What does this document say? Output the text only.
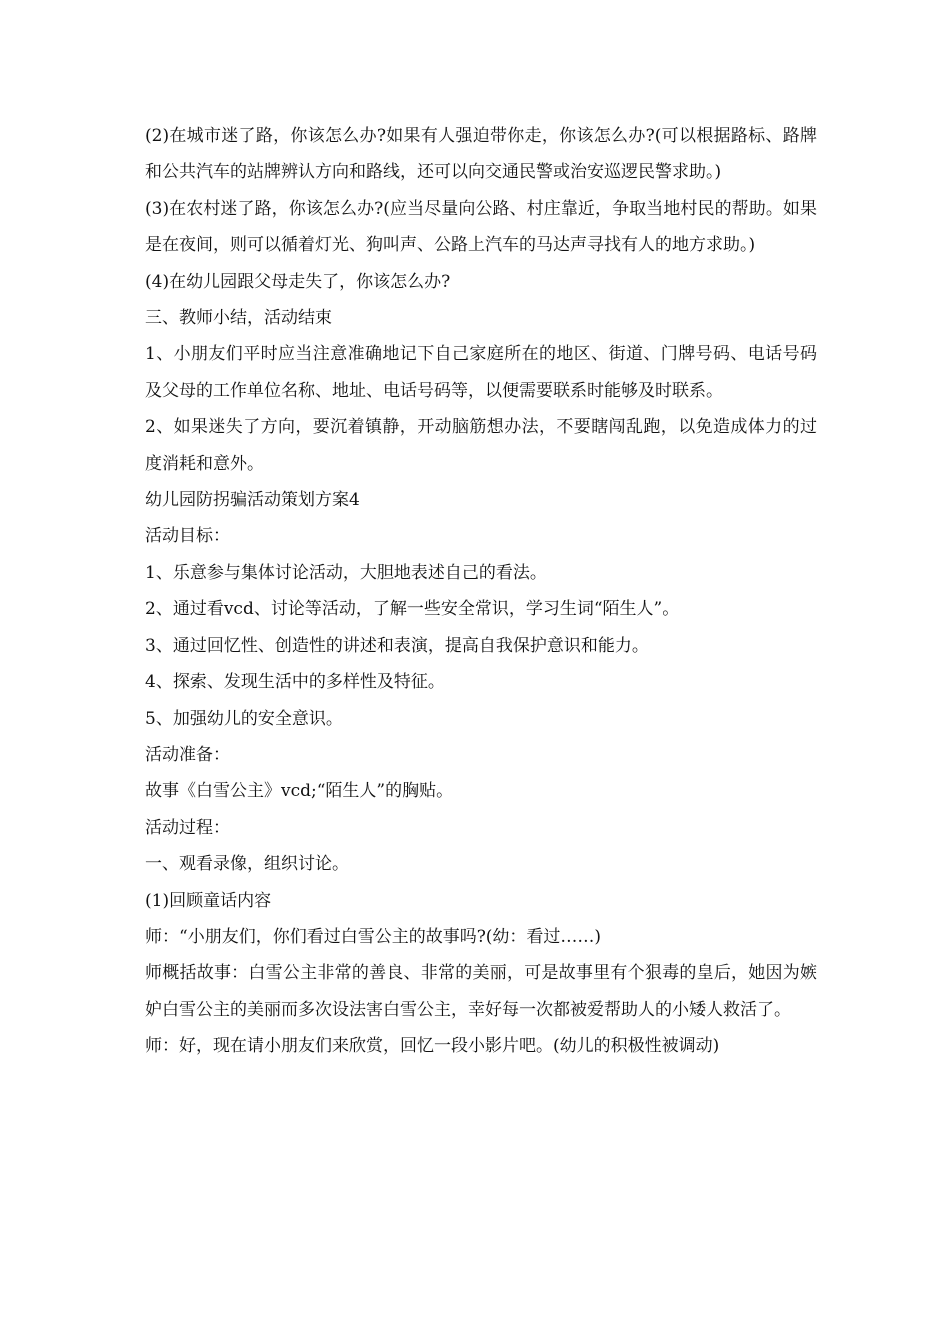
(2)在城市迷了路，你该怎么办?如果有人强迫带你走，你该怎么办?(可以根据路标、路牌和公共汽车的站牌辨认方向和路线，还可以向交通民警或治安巡逻民警求助。)

(3)在农村迷了路，你该怎么办?(应当尽量向公路、村庄靠近，争取当地村民的帮助。如果是在夜间，则可以循着灯光、狗叫声、公路上汽车的马达声寻找有人的地方求助。)

(4)在幼儿园跟父母走失了，你该怎么办?

三、教师小结，活动结束

1、小朋友们平时应当注意准确地记下自己家庭所在的地区、街道、门牌号码、电话号码及父母的工作单位名称、地址、电话号码等，以便需要联系时能够及时联系。

2、如果迷失了方向，要沉着镇静，开动脑筋想办法，不要瞎闯乱跑，以免造成体力的过度消耗和意外。

幼儿园防拐骗活动策划方案4

活动目标：

1、乐意参与集体讨论活动，大胆地表述自己的看法。

2、通过看vcd、讨论等活动，了解一些安全常识，学习生词“陌生人”。

3、通过回忆性、创造性的讲述和表演，提高自我保护意识和能力。

4、探索、发现生活中的多样性及特征。

5、加强幼儿的安全意识。

活动准备：

故事《白雪公主》vcd;“陌生人”的胸贴。

活动过程：

一、观看录像，组织讨论。

(1)回顾童话内容

师：“小朋友们，你们看过白雪公主的故事吗?(幼：看过……)

师概括故事：白雪公主非常的善良、非常的美丽，可是故事里有个狠毒的皇后，她因为嫉妒白雪公主的美丽而多次设法害白雪公主，幸好每一次都被爱帮助人的小矮人救活了。

师：好，现在请小朋友们来欣赏，回忆一段小影片吧。(幼儿的积极性被调动)
